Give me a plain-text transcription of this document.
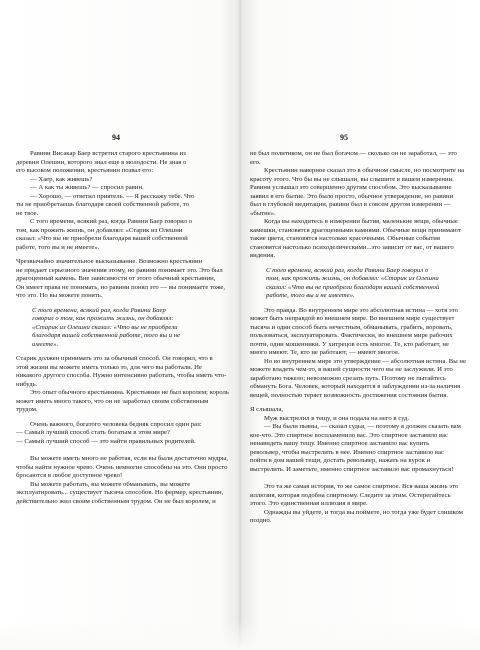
94
Равини Висакар Баер встретил старого крестьянина из
деревни Олешни, которого знал еще в молодости. Не зная о
его высоком положении, крестьянин позвал его:
— Хаер, как живешь?
— А как ты живешь? — спросил равин.
— Хорошо, — ответил приятель. — Я расскажу тебе. Что
ты не приобретаешь благодаря своей собственной работе, то
не твое.
С того времени, всякий раз, когда Равини Баер говорил о
том, как прожить жизнь, он добавлял: «Старик из Олешни
сказал: «Что вы не приобрели благодаря вашей собственной
работе, того вы и не имеете».
Чрезвычайно значительное высказывание. Возможно крестьянин
не придает серьезного значения этому, но равини понимает это. Это был
драгоценный камень. Вне зависимости от этого обычный крестьянин,
Он имеет права не понимать, но равини понял это — вы понимаете тоже,
что это. Но вы можете понять.
С того времени, всякий раз, когда Равини Баер
говорил о том, как прожить жизнь, он добавлял:
«Старик из Олешни сказал: «Что вы не приобрели
благодаря вашей собственной работе, того вы и не
имеете».
Старик должен принимать это за обычный способ. Он говорил, что в
этой жизни вы можете иметь только то, для чего вы работали. Не
никакого другого способа. Нужно интенсивно работать, чтобы иметь что-
нибудь.
Это опыт обычного крестьянина. Крестьянин не был королем; король
может иметь много такого, что он не заработал своим собственным
трудом.
Очень важного, богатого человека бедняк спросил один раз:
— Самый лучший способ стать богатым в этом мире?
— Самый лучший способ — это найти правильных родителей.
Вы можете иметь много не работая, если вы были достаточно мудры,
чтобы найти нужное чрево. Очень немногие способны на это. Они просто
бросаются в любое доступное чрево!
Вы можете работать, вы можете обманывать, вы можете
эксплуатировать... существует тысяча способов. Но фермер, крестьянин,
действительно жил своим собственным трудом. Он не был королем, и
95
не был политиком, он не был богачом — сколько он не заработал, — это
его.
Крестьянин наверное сказал это в обычном смысле, но посмотрите на
красоту этого. Что бы вы не слышали, вы слышите в вашем измерении.
Равини услышал это совершенно другим способом. Это высказывание
заявил в его бытие. Это было просто, обычное утверждение, но равини
был в глубокой медитации, равини был в совсем другом измерении —
«бытие».
Когда вы находитесь в измерении бытия, маленькие вещи, обычные
камешки, становятся драгоценными камнями. Обычные вещи принимают
такие цвета, становятся настолько красочными. Обычные события
становятся настолько психоделическими...это зависит от вас, от вашего
видения.
С того времени, всякий раз, когда Равини Баер говорил о
том, как прожить жизнь, он добавлял: «Старик из Олешни
сказал: «Что вы не приобрели благодаря вашей собственной
работе, того вы и не имеете».
Это правда. Во внутреннем мире это абсолютная истина — хотя это
может быть неправдой во внешнем мире. Во внешнем мире существует
тысяча и один способ быть нечестным, обманывать, грабить, воровать,
пользоваться, эксплуатировать. Фактически, во внешнем мире рабочих
почти, одни мошенники. У хитрецов есть многое. Те, кто работает, не
много имеют. Те, кто не работают, — имеют многое.
Но во внутреннем мире это утверждение — абсолютная истина. Вы не
можете владеть чем-то, в вашей сущности чего вы не заслужили. И это
заработано тяжело; невозможно срезать путь. Поэтому не пытайтесь
обмануть Бога. Человек, который находится в заблуждении из-за наличия
вещей, полностью теряет возможность достижения состояния бытия.
Я слышала,
Муж выстрелил в тещу, и она подала на него в суд.
— Вы были пьяны, — сказал судья, — поэтому я должен сказать вам
кое-что. Это спиртное воспламенило вас. Это спиртное заставило вас
ненавидеть вашу тещу. Именно спиртное заставило вас купить
револьвер, чтобы выстрелить в нее. Именно спиртное заставило вас
пойти в дом вашей тещи, достать револьвер, нажать на курок и
выстрелить. И заметьте, именно спиртное заставило вас промахнуться!
Это та же самая история, то же самое спиртное. Вся ваша жизнь это
иллюзия, которая подобна спиртному. Следите за этим. Остерегайтесь
этого. Это единственная иллюзия в мире.
Однажды вы уйдете, и тогда вы поймете, но тогда уже будет слишком
поздно.
